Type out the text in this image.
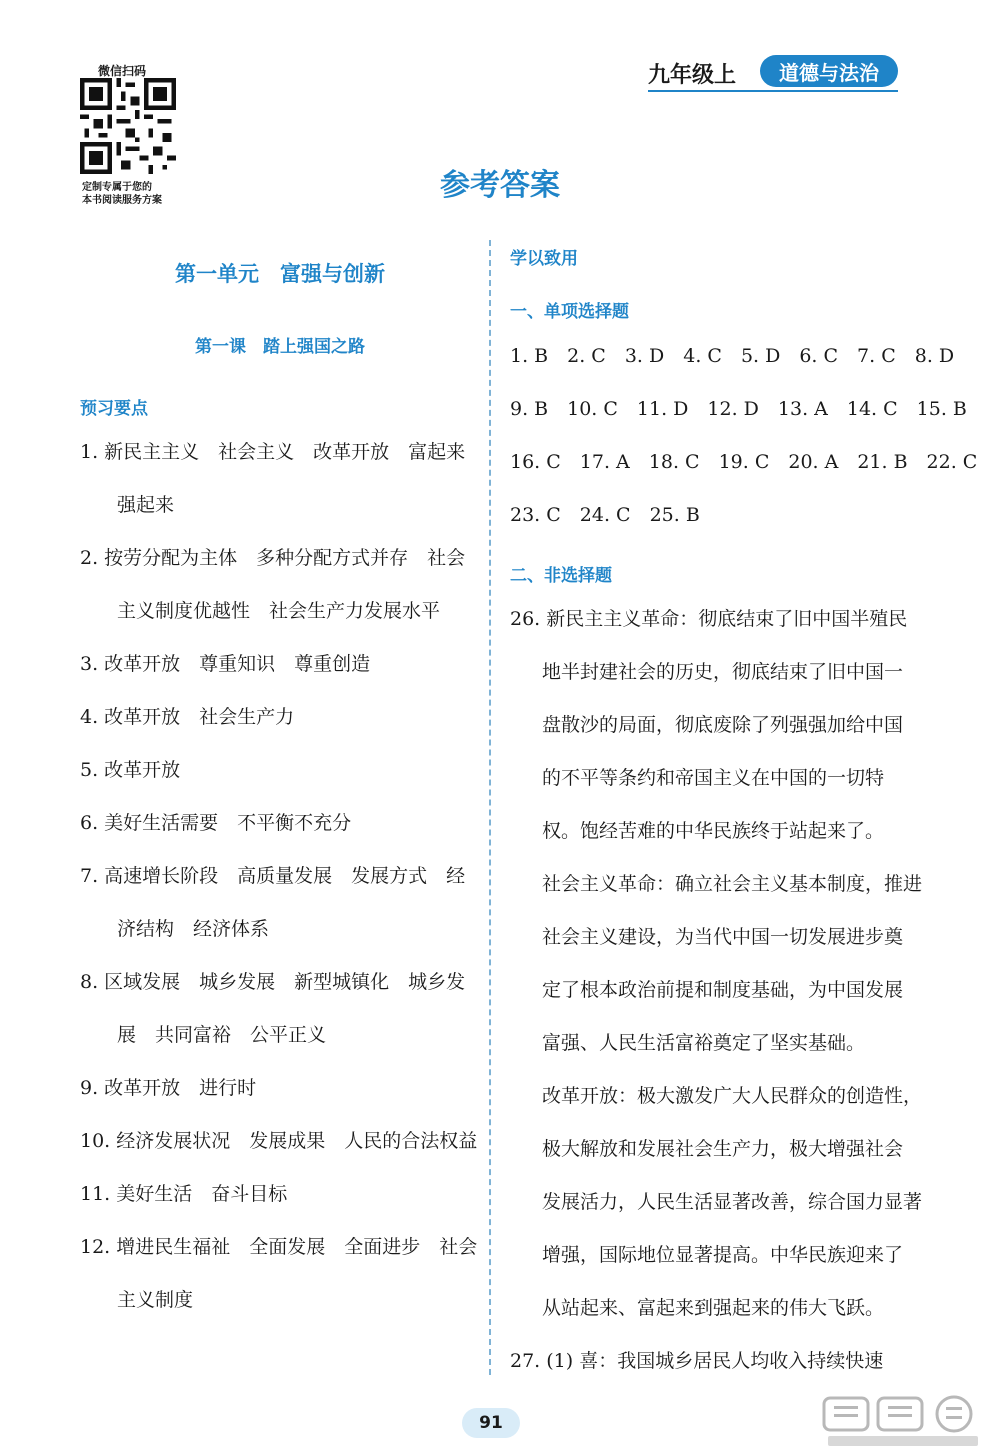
微信扫码
定制专属于您的
本书阅读服务方案
九年级上	道德与法治
参考答案
第一单元　富强与创新
第一课　踏上强国之路
预习要点
1. 新民主主义　社会主义　改革开放　富起来
强起来
2. 按劳分配为主体　多种分配方式并存　社会
主义制度优越性　社会生产力发展水平
3. 改革开放　尊重知识　尊重创造
4. 改革开放　社会生产力
5. 改革开放
6. 美好生活需要　不平衡不充分
7. 高速增长阶段　高质量发展　发展方式　经
济结构　经济体系
8. 区域发展　城乡发展　新型城镇化　城乡发
展　共同富裕　公平正义
9. 改革开放　进行时
10. 经济发展状况　发展成果　人民的合法权益
11. 美好生活　奋斗目标
12. 增进民生福祉　全面发展　全面进步　社会
主义制度
学以致用
一、单项选择题
1. B　2. C　3. D　4. C　5. D　6. C　7. C　8. D
9. B　10. C　11. D　12. D　13. A　14. C　15. B
16. C　17. A　18. C　19. C　20. A　21. B　22. C
23. C　24. C　25. B
二、非选择题
26. 新民主主义革命：彻底结束了旧中国半殖民
地半封建社会的历史，彻底结束了旧中国一
盘散沙的局面，彻底废除了列强强加给中国
的不平等条约和帝国主义在中国的一切特
权。饱经苦难的中华民族终于站起来了。
社会主义革命：确立社会主义基本制度，推进
社会主义建设，为当代中国一切发展进步奠
定了根本政治前提和制度基础，为中国发展
富强、人民生活富裕奠定了坚实基础。
改革开放：极大激发广大人民群众的创造性，
极大解放和发展社会生产力，极大增强社会
发展活力，人民生活显著改善，综合国力显著
增强，国际地位显著提高。中华民族迎来了
从站起来、富起来到强起来的伟大飞跃。
27. (1) 喜：我国城乡居民人均收入持续快速
91
